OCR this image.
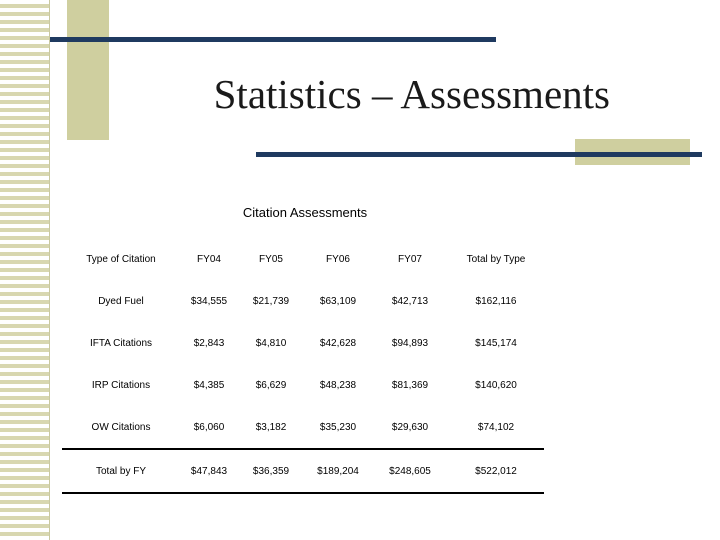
Statistics – Assessments
Citation Assessments
Type of Citation	FY04	FY05	FY06	FY07	Total by Type
Dyed Fuel	$34,555	$21,739	$63,109	$42,713	$162,116
IFTA Citations	$2,843	$4,810	$42,628	$94,893	$145,174
IRP Citations	$4,385	$6,629	$48,238	$81,369	$140,620
OW Citations	$6,060	$3,182	$35,230	$29,630	$74,102
Total by FY	$47,843	$36,359	$189,204	$248,605	$522,012
